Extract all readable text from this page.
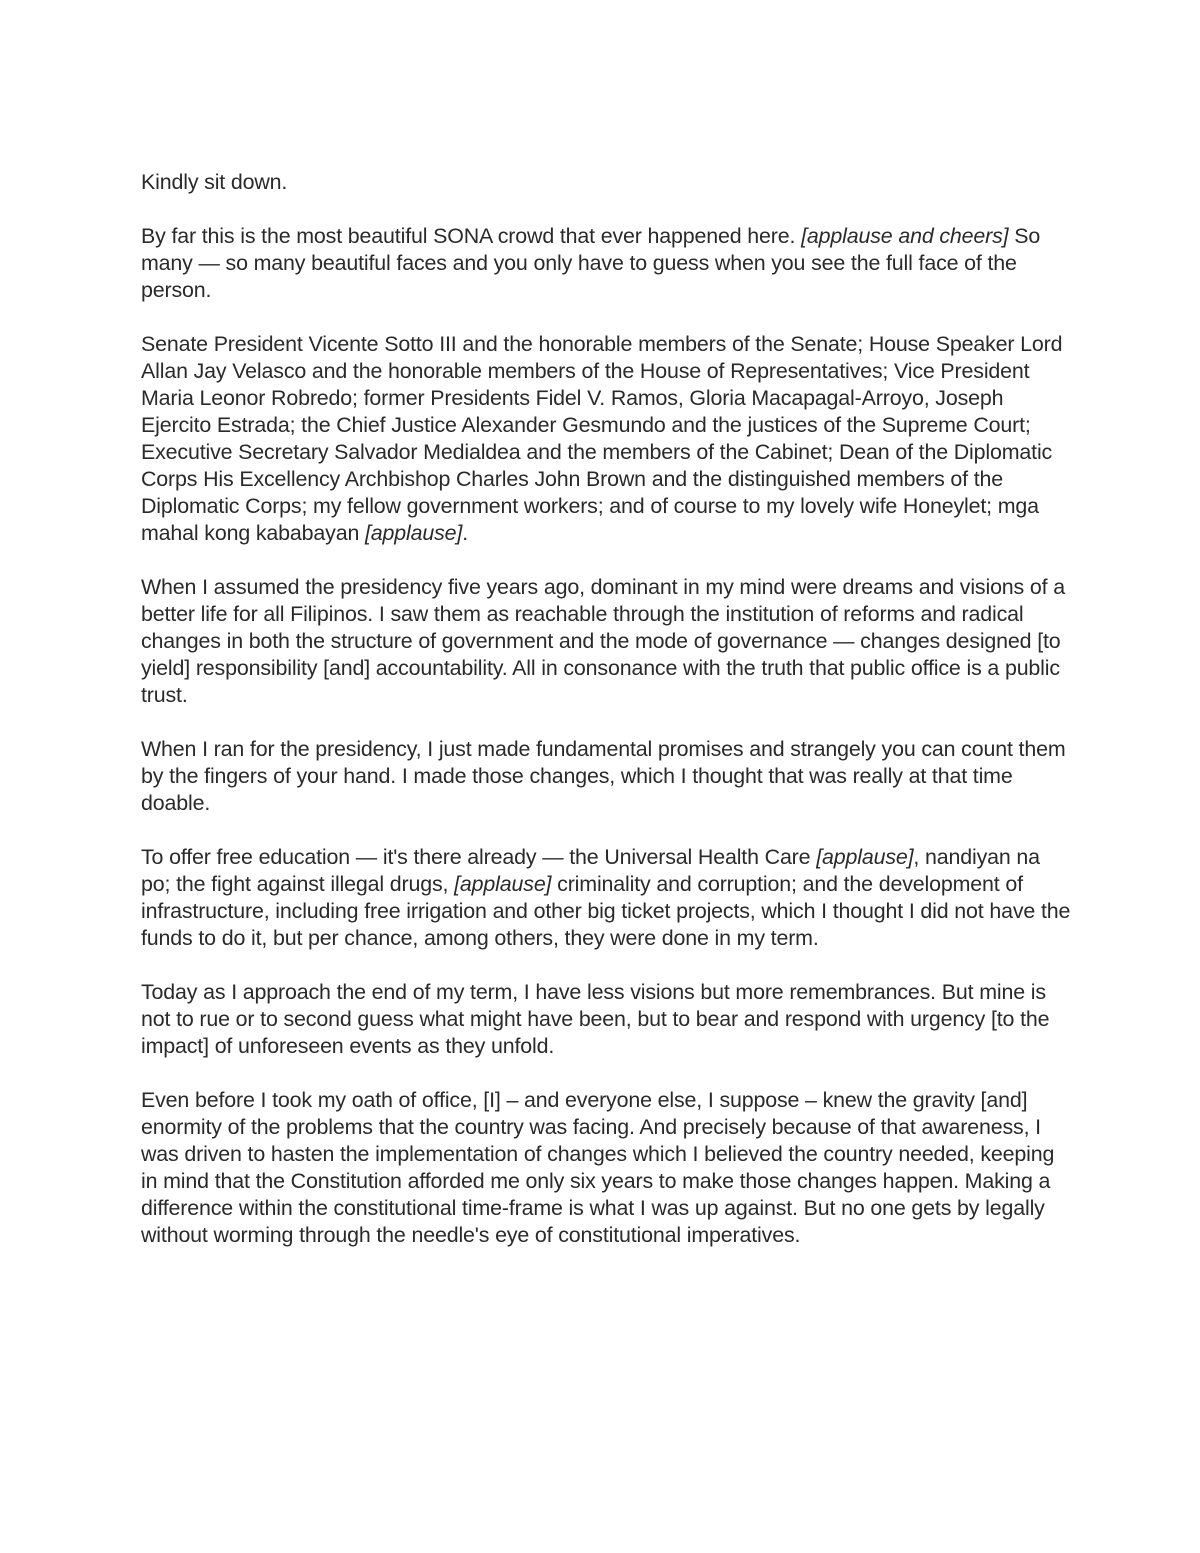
Kindly sit down.

By far this is the most beautiful SONA crowd that ever happened here. [applause and cheers] So many — so many beautiful faces and you only have to guess when you see the full face of the person.

Senate President Vicente Sotto III and the honorable members of the Senate; House Speaker Lord Allan Jay Velasco and the honorable members of the House of Representatives; Vice President Maria Leonor Robredo; former Presidents Fidel V. Ramos, Gloria Macapagal-Arroyo, Joseph Ejercito Estrada; the Chief Justice Alexander Gesmundo and the justices of the Supreme Court; Executive Secretary Salvador Medialdea and the members of the Cabinet; Dean of the Diplomatic Corps His Excellency Archbishop Charles John Brown and the distinguished members of the Diplomatic Corps; my fellow government workers; and of course to my lovely wife Honeylet; mga mahal kong kababayan [applause].

When I assumed the presidency five years ago, dominant in my mind were dreams and visions of a better life for all Filipinos. I saw them as reachable through the institution of reforms and radical changes in both the structure of government and the mode of governance — changes designed [to yield] responsibility [and] accountability. All in consonance with the truth that public office is a public trust.

When I ran for the presidency, I just made fundamental promises and strangely you can count them by the fingers of your hand. I made those changes, which I thought that was really at that time doable.

To offer free education — it's there already — the Universal Health Care [applause], nandiyan na po; the fight against illegal drugs, [applause] criminality and corruption; and the development of infrastructure, including free irrigation and other big ticket projects, which I thought I did not have the funds to do it, but per chance, among others, they were done in my term.

Today as I approach the end of my term, I have less visions but more remembrances. But mine is not to rue or to second guess what might have been, but to bear and respond with urgency [to the impact] of unforeseen events as they unfold.

Even before I took my oath of office, [I] – and everyone else, I suppose – knew the gravity [and] enormity of the problems that the country was facing. And precisely because of that awareness, I was driven to hasten the implementation of changes which I believed the country needed, keeping in mind that the Constitution afforded me only six years to make those changes happen. Making a difference within the constitutional time-frame is what I was up against. But no one gets by legally without worming through the needle's eye of constitutional imperatives.
